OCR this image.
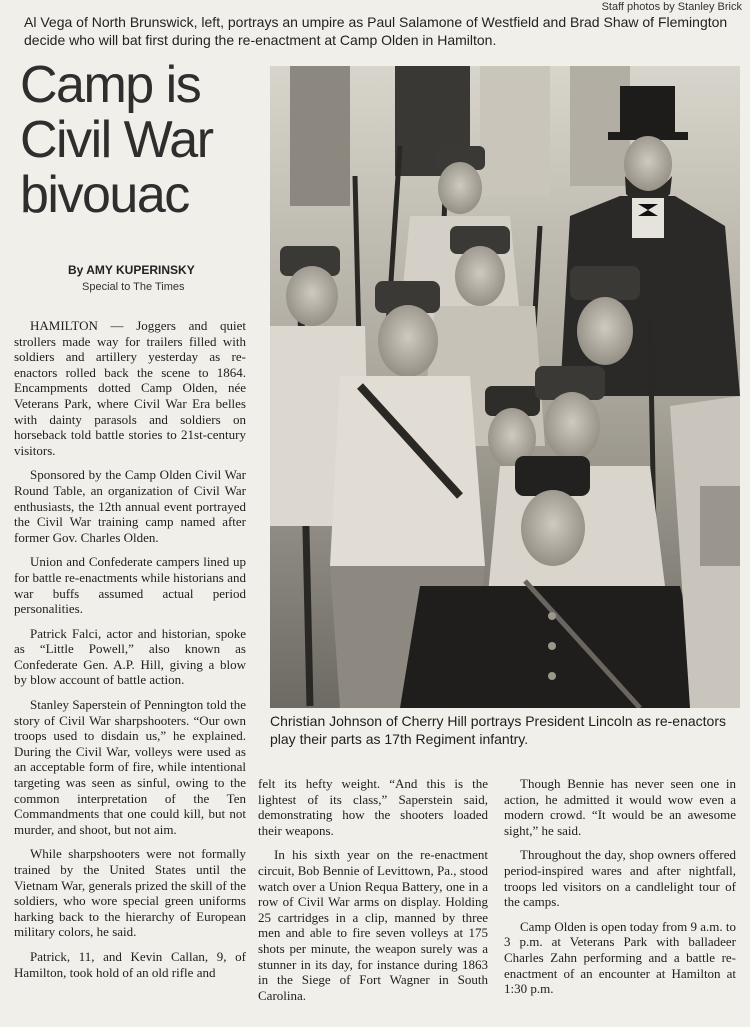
Staff photos by Stanley Brick
Al Vega of North Brunswick, left, portrays an umpire as Paul Salamone of Westfield and Brad Shaw of Flemington decide who will bat first during the re-enactment at Camp Olden in Hamilton.
Camp is Civil War bivouac
By AMY KUPERINSKY
Special to The Times

HAMILTON — Joggers and quiet strollers made way for trailers filled with soldiers and artillery yesterday as re-enactors rolled back the scene to 1864. Encampments dotted Camp Olden, née Veterans Park, where Civil War Era belles with dainty parasols and soldiers on horseback told battle stories to 21st-century visitors.

Sponsored by the Camp Olden Civil War Round Table, an organization of Civil War enthusiasts, the 12th annual event portrayed the Civil War training camp named after former Gov. Charles Olden.

Union and Confederate campers lined up for battle re-enactments while historians and war buffs assumed actual period personalities.

Patrick Falci, actor and historian, spoke as “Little Powell,” also known as Confederate Gen. A.P. Hill, giving a blow by blow account of battle action.

Stanley Saperstein of Pennington told the story of Civil War sharpshooters. “Our own troops used to disdain us,” he explained. During the Civil War, volleys were used as an acceptable form of fire, while intentional targeting was seen as sinful, owing to the common interpretation of the Ten Commandments that one could kill, but not murder, and shoot, but not aim.

While sharpshooters were not formally trained by the United States until the Vietnam War, generals prized the skill of the soldiers, who wore special green uniforms harking back to the hierarchy of European military colors, he said.

Patrick, 11, and Kevin Callan, 9, of Hamilton, took hold of an old rifle and

Christian Johnson of Cherry Hill portrays President Lincoln as re-enactors play their parts as 17th Regiment infantry.

felt its hefty weight. “And this is the lightest of its class,” Saperstein said, demonstrating how the shooters loaded their weapons.

In his sixth year on the re-enactment circuit, Bob Bennie of Levittown, Pa., stood watch over a Union Requa Battery, one in a row of Civil War arms on display. Holding 25 cartridges in a clip, manned by three men and able to fire seven volleys at 175 shots per minute, the weapon surely was a stunner in its day, for instance during 1863 in the Siege of Fort Wagner in South Carolina.

Though Bennie has never seen one in action, he admitted it would wow even a modern crowd. “It would be an awesome sight,” he said.

Throughout the day, shop owners offered period-inspired wares and after nightfall, troops led visitors on a candlelight tour of the camps.

Camp Olden is open today from 9 a.m. to 3 p.m. at Veterans Park with balladeer Charles Zahn performing and a battle re-enactment of an encounter at Hamilton at 1:30 p.m.
